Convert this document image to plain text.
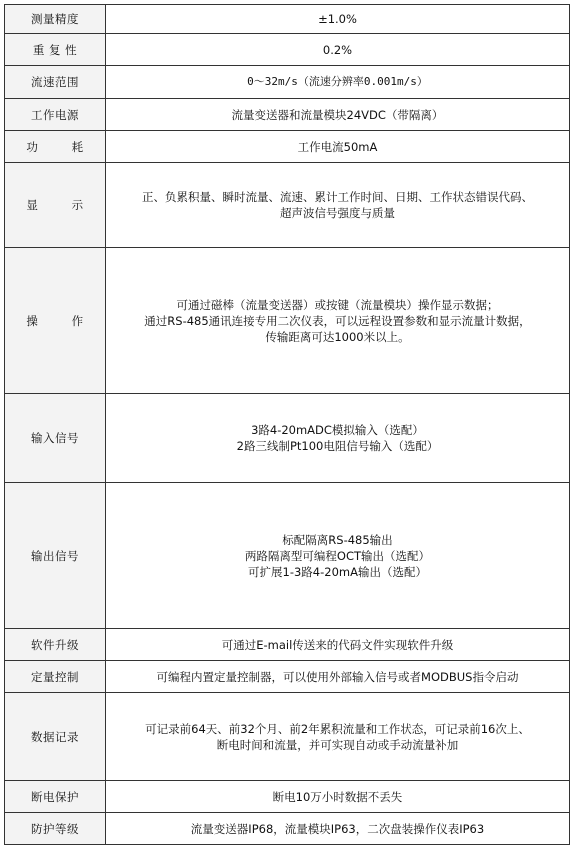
测量精度	±1.0%

重 复 性	0.2%

流速范围	0～32m/s（流速分辨率0.001m/s）

工作电源	流量变送器和流量模块24VDC（带隔离）

功        耗	工作电流50mA

显        示	正、负累积量、瞬时流量、流速、累计工作时间、日期、工作状态错误代码、
超声波信号强度与质量

操        作	可通过磁棒（流量变送器）或按键（流量模块）操作显示数据；
通过RS-485通讯连接专用二次仪表，可以远程设置参数和显示流量计数据，
传输距离可达1000米以上。

输入信号	3路4-20mADC模拟输入（选配）
2路三线制Pt100电阻信号输入（选配）

输出信号	标配隔离RS-485输出
两路隔离型可编程OCT输出（选配）
可扩展1-3路4-20mA输出（选配）

软件升级	可通过E-mail传送来的代码文件实现软件升级

定量控制	可编程内置定量控制器，可以使用外部输入信号或者MODBUS指令启动

数据记录	可记录前64天、前32个月、前2年累积流量和工作状态，可记录前16次上、
断电时间和流量，并可实现自动或手动流量补加

断电保护	断电10万小时数据不丢失

防护等级	流量变送器IP68，流量模块IP63，二次盘装操作仪表IP63
